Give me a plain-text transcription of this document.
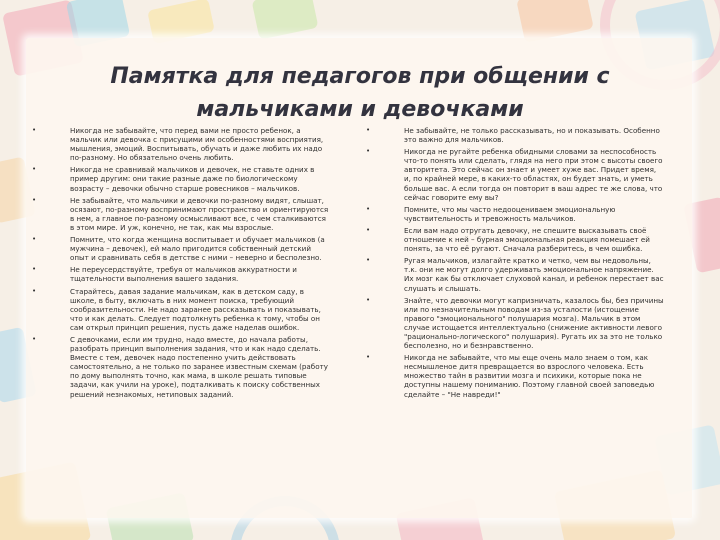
Памятка для педагогов при общении с мальчиками и девочками
•	Никогда не забывайте, что перед вами не просто ребенок, а мальчик или девочка с присущими им особенностями восприятия, мышления, эмоций. Воспитывать, обучать и даже любить их надо по-разному. Но обязательно очень любить.
•	Никогда не сравнивай мальчиков и девочек, не ставьте одних в пример другим: они такие разные даже по биологическому возрасту – девочки обычно старше ровесников – мальчиков.
•	Не забывайте, что мальчики и девочки по-разному видят, слышат, осязают, по-разному воспринимают пространство и ориентируются в нем, а главное по-разному осмысливают все, с чем сталкиваются в этом мире. И уж, конечно, не так, как мы взрослые.
•	Помните, что когда женщина воспитывает и обучает мальчиков (а мужчина – девочек), ей мало пригодится собственный детский опыт и сравнивать себя в детстве с ними – неверно и бесполезно.
•	Не переусердствуйте, требуя от мальчиков аккуратности и тщательности выполнения вашего задания.
•	Старайтесь, давая задание мальчикам, как в детском саду, в школе, в быту, включать в них момент поиска, требующий сообразительности. Не надо заранее рассказывать и показывать, что и как делать. Следует подтолкнуть ребенка к тому, чтобы он сам открыл принцип решения, пусть даже наделав ошибок.
•	С девочками, если им трудно, надо вместе, до начала работы, разобрать принцип выполнения задания, что и как надо сделать. Вместе с тем, девочек надо постепенно учить действовать самостоятельно, а не только по заранее известным схемам (работу по дому выполнять точно, как мама, в школе решать типовые задачи, как учили на уроке), подталкивать к поиску собственных решений незнакомых, нетиповых заданий.
•	Не забывайте, не только рассказывать, но и показывать. Особенно это важно для мальчиков.
•	Никогда не ругайте ребенка обидными словами за неспособность что-то понять или сделать, глядя на него при этом с высоты своего авторитета. Это сейчас он знает и умеет хуже вас. Придет время, и, по крайней мере, в каких-то областях, он будет знать, и уметь больше вас. А если тогда он повторит в ваш адрес те же слова, что сейчас говорите ему вы?
•	Помните, что мы часто недооцениваем эмоциональную чувствительность и тревожность мальчиков.
•	Если вам надо отругать девочку, не спешите высказывать своё отношение к ней – бурная эмоциональная реакция помешает ей понять, за что её ругают. Сначала разберитесь, в чем ошибка.
•	Ругая мальчиков, излагайте кратко и четко, чем вы недовольны, т.к. они не могут долго удерживать эмоциональное напряжение. Их мозг как бы отключает слуховой канал, и ребенок перестает вас слушать и слышать.
•	Знайте, что девочки могут капризничать, казалось бы, без причины или по незначительным поводам из-за усталости (истощение правого "эмоционального" полушария мозга). Мальчик в этом случае истощается интеллектуально (снижение активности левого "рационально-логического" полушария). Ругать их за это не только бесполезно, но и безнравственно.
•	Никогда не забывайте, что мы еще очень мало знаем о том, как несмышленое дитя превращается во взрослого человека. Есть множество тайн в развитии мозга и психики, которые пока не доступны нашему пониманию. Поэтому главной своей заповедью сделайте – "Не навреди!"
